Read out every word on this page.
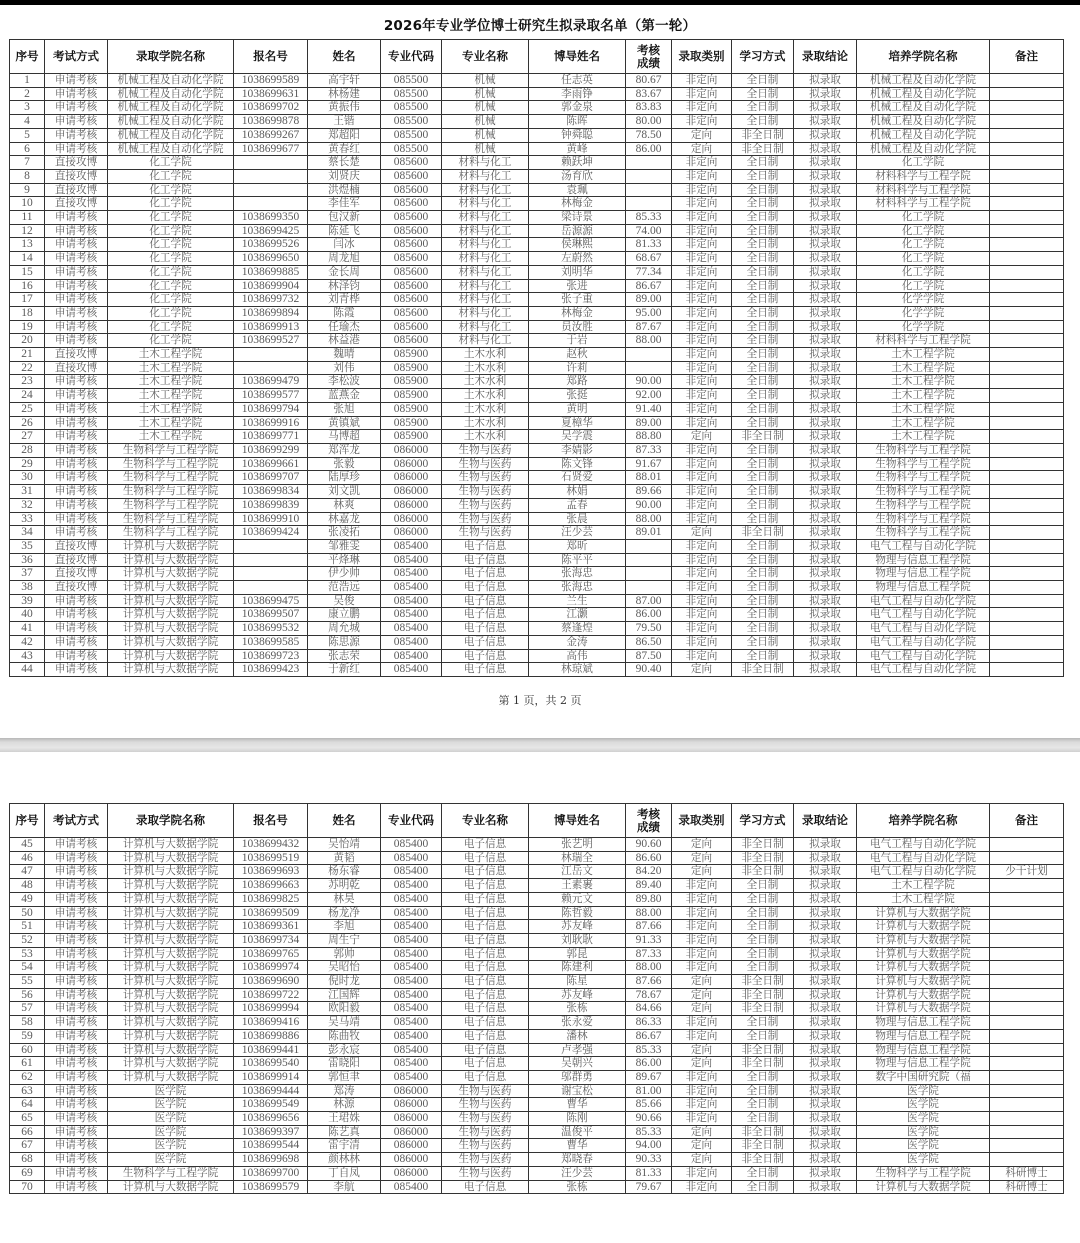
2026年专业学位博士研究生拟录取名单（第一轮）
序号	考试方式	录取学院名称	报名号	姓名	专业代码	专业名称	博导姓名	考核
成绩	录取类别	学习方式	录取结论	培养学院名称	备注
1	申请考核	机械工程及自动化学院	1038699589	高宇轩	085500	机械	任志英	80.67	非定向	全日制	拟录取	机械工程及自动化学院	
2	申请考核	机械工程及自动化学院	1038699631	林杨建	085500	机械	李雨铮	83.67	非定向	全日制	拟录取	机械工程及自动化学院	
3	申请考核	机械工程及自动化学院	1038699702	黄振伟	085500	机械	郭金泉	83.83	非定向	全日制	拟录取	机械工程及自动化学院	
4	申请考核	机械工程及自动化学院	1038699878	王锴	085500	机械	陈晖	80.00	非定向	全日制	拟录取	机械工程及自动化学院	
5	申请考核	机械工程及自动化学院	1038699267	郑超阳	085500	机械	钟舜聪	78.50	定向	非全日制	拟录取	机械工程及自动化学院	
6	申请考核	机械工程及自动化学院	1038699677	黄春红	085500	机械	黄峰	86.00	定向	非全日制	拟录取	机械工程及自动化学院	
7	直接攻博	化工学院		蔡长楚	085600	材料与化工	赖跃坤		非定向	全日制	拟录取	化工学院	
8	直接攻博	化工学院		刘贤庆	085600	材料与化工	汤育欣		非定向	全日制	拟录取	材料科学与工程学院	
9	直接攻博	化工学院		洪煜楠	085600	材料与化工	袁珮		非定向	全日制	拟录取	材料科学与工程学院	
10	直接攻博	化工学院		李佳军	085600	材料与化工	林梅金		非定向	全日制	拟录取	材料科学与工程学院	
11	申请考核	化工学院	1038699350	包汉新	085600	材料与化工	梁诗景	85.33	非定向	全日制	拟录取	化工学院	
12	申请考核	化工学院	1038699425	陈延飞	085600	材料与化工	岳源源	74.00	非定向	全日制	拟录取	化工学院	
13	申请考核	化工学院	1038699526	闫冰	085600	材料与化工	侯琳熙	81.33	非定向	全日制	拟录取	化工学院	
14	申请考核	化工学院	1038699650	周龙旭	085600	材料与化工	左蔚然	68.67	非定向	全日制	拟录取	化工学院	
15	申请考核	化工学院	1038699885	金长周	085600	材料与化工	刘明华	77.34	非定向	全日制	拟录取	化工学院	
16	申请考核	化工学院	1038699904	林泽钧	085600	材料与化工	张进	86.67	非定向	全日制	拟录取	化工学院	
17	申请考核	化工学院	1038699732	刘青桦	085600	材料与化工	张子重	89.00	非定向	全日制	拟录取	化学学院	
18	申请考核	化工学院	1038699894	陈霞	085600	材料与化工	林梅金	95.00	非定向	全日制	拟录取	化学学院	
19	申请考核	化工学院	1038699913	任瑜杰	085600	材料与化工	员汝胜	87.67	非定向	全日制	拟录取	化学学院	
20	申请考核	化工学院	1038699527	林益港	085600	材料与化工	于岩	88.00	非定向	全日制	拟录取	材料科学与工程学院	
21	直接攻博	土木工程学院		魏晴	085900	土木水利	赵秋		非定向	全日制	拟录取	土木工程学院	
22	直接攻博	土木工程学院		刘伟	085900	土木水利	许莉		非定向	全日制	拟录取	土木工程学院	
23	申请考核	土木工程学院	1038699479	李松波	085900	土木水利	郑路	90.00	非定向	全日制	拟录取	土木工程学院	
24	申请考核	土木工程学院	1038699577	蓝燕金	085900	土木水利	张挺	92.00	非定向	全日制	拟录取	土木工程学院	
25	申请考核	土木工程学院	1038699794	张旭	085900	土木水利	黄明	91.40	非定向	全日制	拟录取	土木工程学院	
26	申请考核	土木工程学院	1038699916	黄镇斌	085900	土木水利	夏樟华	89.00	非定向	全日制	拟录取	土木工程学院	
27	申请考核	土木工程学院	1038699771	马博超	085900	土木水利	吴学震	88.80	定向	非全日制	拟录取	土木工程学院	
28	申请考核	生物科学与工程学院	1038699299	郑浑龙	086000	生物与医药	李婧影	87.33	非定向	全日制	拟录取	生物科学与工程学院	
29	申请考核	生物科学与工程学院	1038699661	张毅	086000	生物与医药	陈文锋	91.67	非定向	全日制	拟录取	生物科学与工程学院	
30	申请考核	生物科学与工程学院	1038699707	陆厚珍	086000	生物与医药	石贤爱	88.01	非定向	全日制	拟录取	生物科学与工程学院	
31	申请考核	生物科学与工程学院	1038699834	刘文凯	086000	生物与医药	林娟	89.66	非定向	全日制	拟录取	生物科学与工程学院	
32	申请考核	生物科学与工程学院	1038699839	林爽	086000	生物与医药	孟春	90.00	非定向	全日制	拟录取	生物科学与工程学院	
33	申请考核	生物科学与工程学院	1038699910	林嘉龙	086000	生物与医药	张晨	88.00	非定向	全日制	拟录取	生物科学与工程学院	
34	申请考核	生物科学与工程学院	1038699424	张凌拓	086000	生物与医药	汪少芸	89.01	定向	非全日制	拟录取	生物科学与工程学院	
35	直接攻博	计算机与大数据学院		邹雅雯	085400	电子信息	郑昕		非定向	全日制	拟录取	电气工程与自动化学院	
36	直接攻博	计算机与大数据学院		平烽琳	085400	电子信息	陈平平		非定向	全日制	拟录取	物理与信息工程学院	
37	直接攻博	计算机与大数据学院		伊少帅	085400	电子信息	张海忠		非定向	全日制	拟录取	物理与信息工程学院	
38	直接攻博	计算机与大数据学院		范浩远	085400	电子信息	张海忠		非定向	全日制	拟录取	物理与信息工程学院	
39	申请考核	计算机与大数据学院	1038699475	吴俊	085400	电子信息	兰生	87.00	非定向	全日制	拟录取	电气工程与自动化学院	
40	申请考核	计算机与大数据学院	1038699507	康立鹏	085400	电子信息	江灏	86.00	非定向	全日制	拟录取	电气工程与自动化学院	
41	申请考核	计算机与大数据学院	1038699532	周允城	085400	电子信息	蔡逢煌	79.50	非定向	全日制	拟录取	电气工程与自动化学院	
42	申请考核	计算机与大数据学院	1038699585	陈思源	085400	电子信息	金涛	86.50	非定向	全日制	拟录取	电气工程与自动化学院	
43	申请考核	计算机与大数据学院	1038699723	张志荣	085400	电子信息	高伟	87.50	非定向	全日制	拟录取	电气工程与自动化学院	
44	申请考核	计算机与大数据学院	1038699423	于新红	085400	电子信息	林琼斌	90.40	定向	非全日制	拟录取	电气工程与自动化学院	
第 1 页，共 2 页
序号	考试方式	录取学院名称	报名号	姓名	专业代码	专业名称	博导姓名	考核
成绩	录取类别	学习方式	录取结论	培养学院名称	备注
45	申请考核	计算机与大数据学院	1038699432	吴怡靖	085400	电子信息	张艺明	90.60	定向	非全日制	拟录取	电气工程与自动化学院	
46	申请考核	计算机与大数据学院	1038699519	黄韬	085400	电子信息	林瑞全	86.60	定向	非全日制	拟录取	电气工程与自动化学院	
47	申请考核	计算机与大数据学院	1038699693	杨东睿	085400	电子信息	江岳文	84.20	定向	非全日制	拟录取	电气工程与自动化学院	少干计划
48	申请考核	计算机与大数据学院	1038699663	苏明乾	085400	电子信息	王素裹	89.40	非定向	全日制	拟录取	土木工程学院	
49	申请考核	计算机与大数据学院	1038699825	林昊	085400	电子信息	赖元文	89.80	非定向	全日制	拟录取	土木工程学院	
50	申请考核	计算机与大数据学院	1038699509	杨龙净	085400	电子信息	陈哲毅	88.00	非定向	全日制	拟录取	计算机与大数据学院	
51	申请考核	计算机与大数据学院	1038699361	李旭	085400	电子信息	苏友峰	87.66	非定向	全日制	拟录取	计算机与大数据学院	
52	申请考核	计算机与大数据学院	1038699734	周生宁	085400	电子信息	刘耿耿	91.33	非定向	全日制	拟录取	计算机与大数据学院	
53	申请考核	计算机与大数据学院	1038699765	郭帅	085400	电子信息	郭昆	87.33	非定向	全日制	拟录取	计算机与大数据学院	
54	申请考核	计算机与大数据学院	1038699974	吴昭怡	085400	电子信息	陈建利	88.00	非定向	全日制	拟录取	计算机与大数据学院	
55	申请考核	计算机与大数据学院	1038699690	倪时龙	085400	电子信息	陈星	87.66	定向	非全日制	拟录取	计算机与大数据学院	
56	申请考核	计算机与大数据学院	1038699722	江国辉	085400	电子信息	苏友峰	78.67	定向	非全日制	拟录取	计算机与大数据学院	
57	申请考核	计算机与大数据学院	1038699994	欧阳毅	085400	电子信息	张栋	84.66	定向	非全日制	拟录取	计算机与大数据学院	
58	申请考核	计算机与大数据学院	1038699416	吴马靖	085400	电子信息	张永爱	86.33	非定向	全日制	拟录取	物理与信息工程学院	
59	申请考核	计算机与大数据学院	1038699886	陈曲牧	085400	电子信息	潘林	86.67	非定向	全日制	拟录取	物理与信息工程学院	
60	申请考核	计算机与大数据学院	1038699441	彭永宸	085400	电子信息	卢孝强	85.33	定向	非全日制	拟录取	物理与信息工程学院	
61	申请考核	计算机与大数据学院	1038699540	雷晓阳	085400	电子信息	吴朝兴	86.00	定向	非全日制	拟录取	物理与信息工程学院	
62	申请考核	计算机与大数据学院	1038699914	郭恒聿	085400	电子信息	邬群勇	89.67	非定向	全日制	拟录取	数字中国研究院（福	
63	申请考核	医学院	1038699444	郑涛	086000	生物与医药	谢宝松	81.00	非定向	全日制	拟录取	医学院	
64	申请考核	医学院	1038699549	林源	086000	生物与医药	曹华	85.66	非定向	全日制	拟录取	医学院	
65	申请考核	医学院	1038699656	王珺姝	086000	生物与医药	陈刚	90.66	非定向	全日制	拟录取	医学院	
66	申请考核	医学院	1038699397	陈艺真	086000	生物与医药	温俊平	85.33	定向	非全日制	拟录取	医学院	
67	申请考核	医学院	1038699544	雷宇清	086000	生物与医药	曹华	94.00	定向	非全日制	拟录取	医学院	
68	申请考核	医学院	1038699698	颜林林	086000	生物与医药	郑晓春	90.33	定向	非全日制	拟录取	医学院	
69	申请考核	生物科学与工程学院	1038699700	丁自凤	086000	生物与医药	汪少芸	81.33	非定向	全日制	拟录取	生物科学与工程学院	科研博士
70	申请考核	计算机与大数据学院	1038699579	李航	085400	电子信息	张栋	79.67	非定向	全日制	拟录取	计算机与大数据学院	科研博士
